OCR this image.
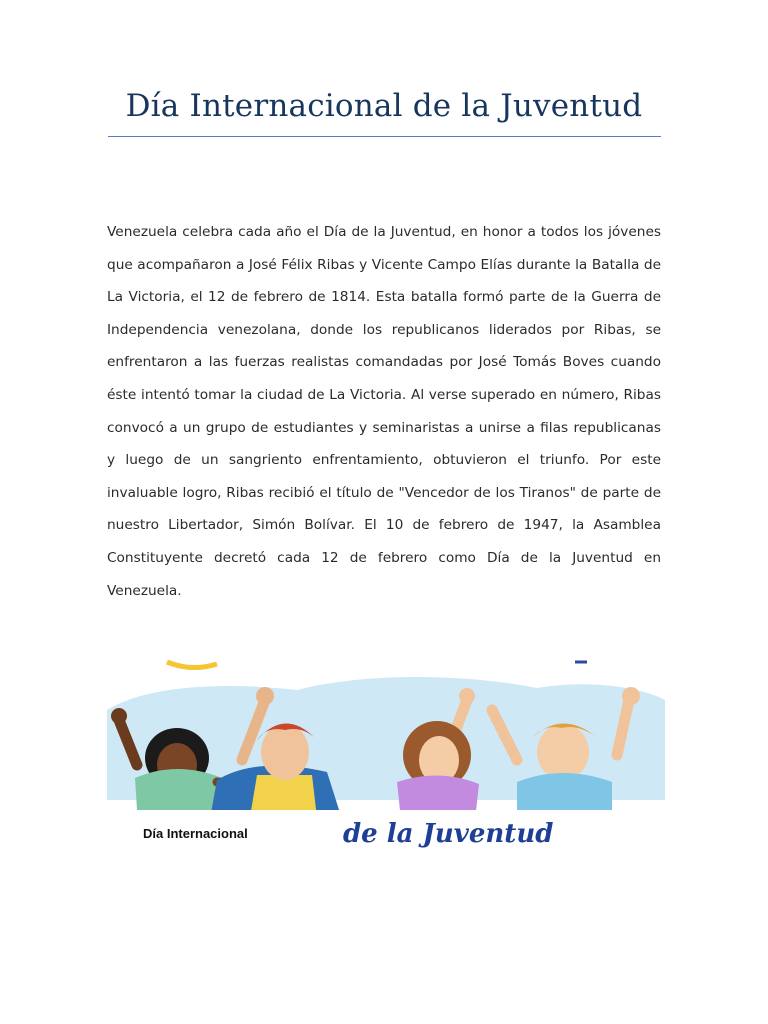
Día Internacional de la Juventud

Venezuela celebra cada año el Día de la Juventud, en honor a todos los jóvenes que acompañaron a José Félix Ribas y Vicente Campo Elías durante la Batalla de La Victoria, el 12 de febrero de 1814. Esta batalla formó parte de la Guerra de Independencia venezolana, donde los republicanos liderados por Ribas, se enfrentaron a las fuerzas realistas comandadas por José Tomás Boves cuando éste intentó tomar la ciudad de La Victoria. Al verse superado en número, Ribas convocó a un grupo de estudiantes y seminaristas a unirse a filas republicanas y luego de un sangriento enfrentamiento, obtuvieron el triunfo. Por este invaluable logro, Ribas recibió el título de "Vencedor de los Tiranos" de parte de nuestro Libertador, Simón Bolívar. El 10 de febrero de 1947, la Asamblea Constituyente decretó cada 12 de febrero como Día de la Juventud en Venezuela.

Día Internacional	de la Juventud
